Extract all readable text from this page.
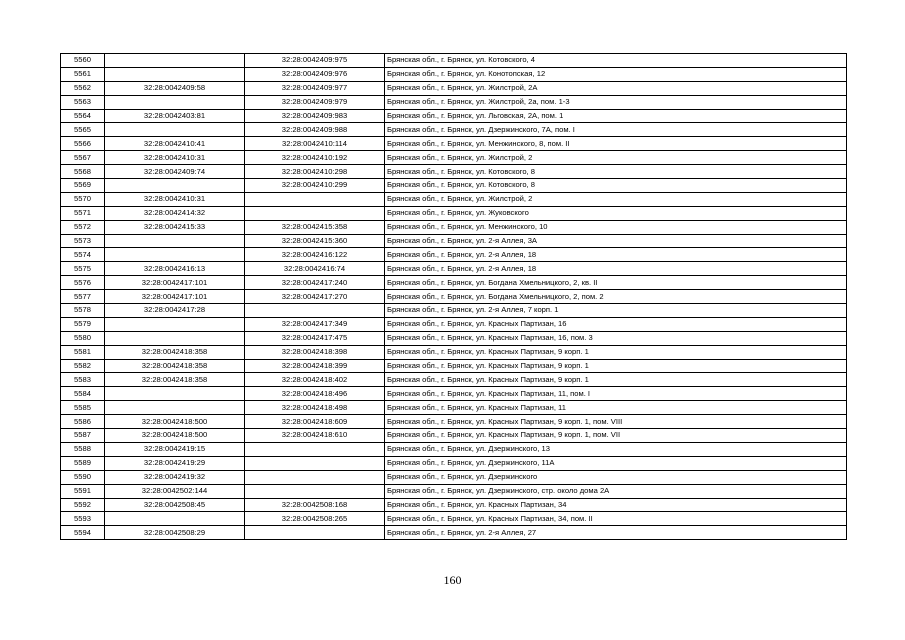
5560		32:28:0042409:975	Брянская обл., г. Брянск, ул. Котовского, 4
5561		32:28:0042409:976	Брянская обл., г. Брянск, ул. Конотопская, 12
5562	32:28:0042409:58	32:28:0042409:977	Брянская обл., г. Брянск, ул. Жилстрой, 2А
5563		32:28:0042409:979	Брянская обл., г. Брянск, ул. Жилстрой, 2а, пом. 1-3
5564	32:28:0042403:81	32:28:0042409:983	Брянская обл., г. Брянск, ул. Льговская, 2А, пом. 1
5565		32:28:0042409:988	Брянская обл., г. Брянск, ул. Дзержинского, 7А, пом. I
5566	32:28:0042410:41	32:28:0042410:114	Брянская обл., г. Брянск, ул. Менжинского, 8, пом. II
5567	32:28:0042410:31	32:28:0042410:192	Брянская обл., г. Брянск, ул. Жилстрой, 2
5568	32:28:0042409:74	32:28:0042410:298	Брянская обл., г. Брянск, ул. Котовского, 8
5569		32:28:0042410:299	Брянская обл., г. Брянск, ул. Котовского, 8
5570	32:28:0042410:31		Брянская обл., г. Брянск, ул. Жилстрой, 2
5571	32:28:0042414:32		Брянская обл., г. Брянск, ул. Жуковского
5572	32:28:0042415:33	32:28:0042415:358	Брянская обл., г. Брянск, ул. Менжинского, 10
5573		32:28:0042415:360	Брянская обл., г. Брянск, ул. 2-я Аллея, 3А
5574		32:28:0042416:122	Брянская обл., г. Брянск, ул. 2-я Аллея, 18
5575	32:28:0042416:13	32:28:0042416:74	Брянская обл., г. Брянск, ул. 2-я Аллея, 18
5576	32:28:0042417:101	32:28:0042417:240	Брянская обл., г. Брянск, ул. Богдана Хмельницкого, 2, кв. II
5577	32:28:0042417:101	32:28:0042417:270	Брянская обл., г. Брянск, ул. Богдана Хмельницкого, 2, пом. 2
5578	32:28:0042417:28		Брянская обл., г. Брянск, ул. 2-я Аллея, 7 корп. 1
5579		32:28:0042417:349	Брянская обл., г. Брянск, ул. Красных Партизан, 16
5580		32:28:0042417:475	Брянская обл., г. Брянск, ул. Красных Партизан, 16, пом. 3
5581	32:28:0042418:358	32:28:0042418:398	Брянская обл., г. Брянск, ул. Красных Партизан, 9 корп. 1
5582	32:28:0042418:358	32:28:0042418:399	Брянская обл., г. Брянск, ул. Красных Партизан, 9 корп. 1
5583	32:28:0042418:358	32:28:0042418:402	Брянская обл., г. Брянск, ул. Красных Партизан, 9 корп. 1
5584		32:28:0042418:496	Брянская обл., г. Брянск, ул. Красных Партизан, 11, пом. I
5585		32:28:0042418:498	Брянская обл., г. Брянск, ул. Красных Партизан, 11
5586	32:28:0042418:500	32:28:0042418:609	Брянская обл., г. Брянск, ул. Красных Партизан, 9 корп. 1, пом. VIII
5587	32:28:0042418:500	32:28:0042418:610	Брянская обл., г. Брянск, ул. Красных Партизан, 9 корп. 1, пом. VII
5588	32:28:0042419:15		Брянская обл., г. Брянск, ул. Дзержинского, 13
5589	32:28:0042419:29		Брянская обл., г. Брянск, ул. Дзержинского, 11А
5590	32:28:0042419:32		Брянская обл., г. Брянск, ул. Дзержинского
5591	32:28:0042502:144		Брянская обл., г. Брянск, ул. Дзержинского, стр. около дома 2А
5592	32:28:0042508:45	32:28:0042508:168	Брянская обл., г. Брянск, ул. Красных Партизан, 34
5593		32:28:0042508:265	Брянская обл., г. Брянск, ул. Красных Партизан, 34, пом. II
5594	32:28:0042508:29		Брянская обл., г. Брянск, ул. 2-я Аллея, 27
160
